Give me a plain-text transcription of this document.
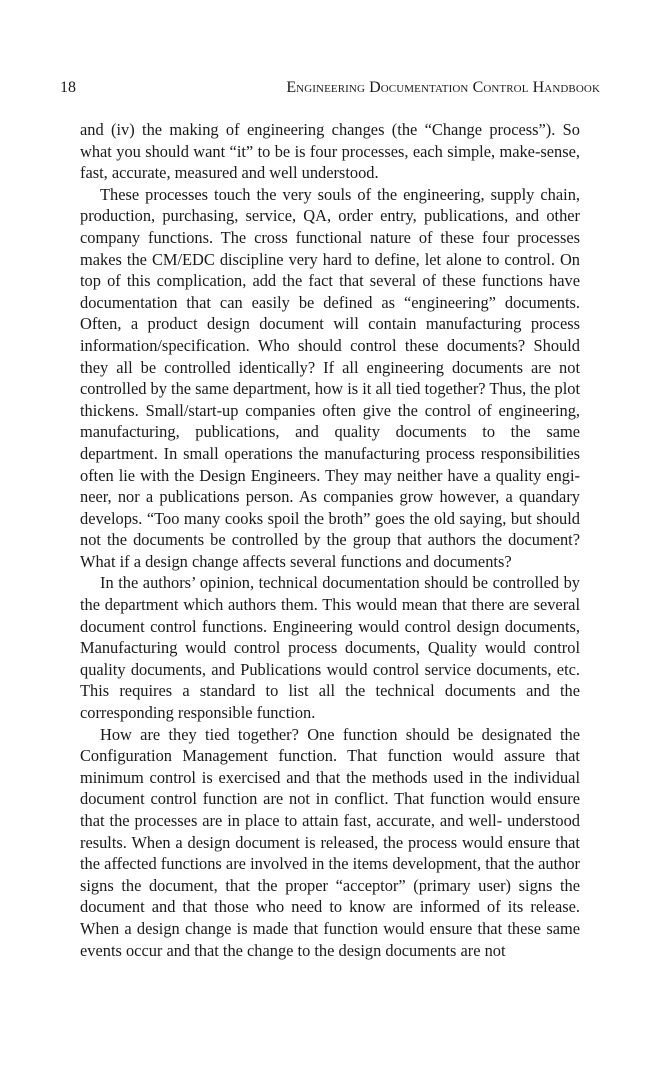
18	Engineering Documentation Control Handbook

and (iv) the making of engineering changes (the “Change process”). So what you should want “it” to be is four processes, each simple, make-sense, fast, accurate, measured and well understood.

These processes touch the very souls of the engineering, supply chain, production, purchasing, service, QA, order entry, publications, and other company functions. The cross functional nature of these four processes makes the CM/EDC discipline very hard to define, let alone to control. On top of this complication, add the fact that several of these functions have documentation that can easily be defined as “engineering” documents. Often, a product design document will contain manufacturing process information/specification. Who should control these documents? Should they all be controlled identically? If all engineering documents are not controlled by the same department, how is it all tied together? Thus, the plot thickens. Small/​start-up companies often give the control of engineering, manufacturing, publications, and quality documents to the same department. In small operations the manufacturing process responsibilities often lie with the Design Engineers. They may neither have a quality engineer, nor a publications person. As companies grow however, a quandary develops. “Too many cooks spoil the broth” goes the old saying, but should not the documents be controlled by the group that authors the document? What if a design change affects several functions and documents?

In the authors’ opinion, technical documentation should be controlled by the department which authors them. This would mean that there are several document control functions. Engineering would control design documents, Manufacturing would control process documents, Quality would control quality documents, and Publications would control service documents, etc. This requires a standard to list all the technical documents and the corresponding responsible function.

How are they tied together? One function should be designated the Configuration Management function. That function would assure that minimum control is exercised and that the methods used in the individual document control function are not in conflict. That function would ensure that the processes are in place to attain fast, accurate, and well- understood results. When a design document is released, the process would ensure that the affected functions are involved in the items development, that the author signs the document, that the proper “acceptor” (primary user) signs the document and that those who need to know are informed of its release. When a design change is made that function would ensure that these same events occur and that the change to the design documents are not
